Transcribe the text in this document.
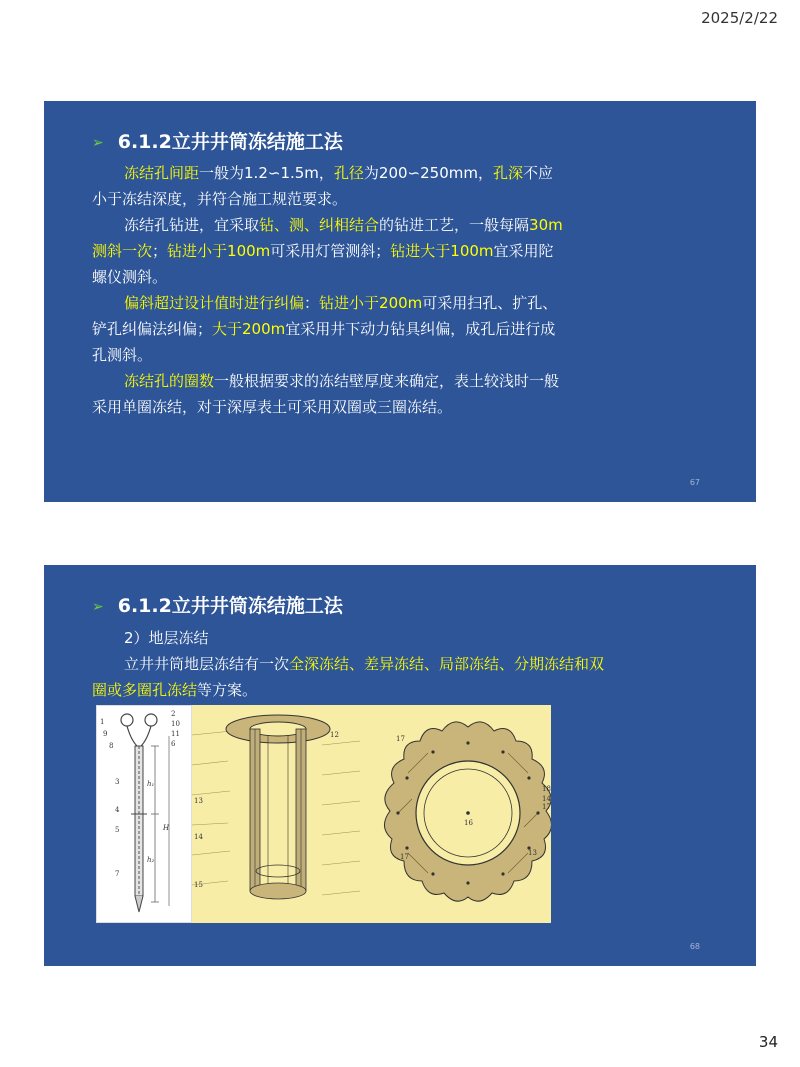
2025/2/22
➢ 6.1.2立井井筒冻结施工法

冻结孔间距一般为1.2∽1.5m，孔径为200∽250mm，孔深不应小于冻结深度，并符合施工规范要求。

冻结孔钻进，宜采取钻、测、纠相结合的钻进工艺，一般每隔30m测斜一次；钻进小于100m可采用灯管测斜；钻进大于100m宜采用陀螺仪测斜。

偏斜超过设计值时进行纠偏：钻进小于200m可采用扫孔、扩孔、铲孔纠偏法纠偏；大于200m宜采用井下动力钻具纠偏，成孔后进行成孔测斜。

冻结孔的圈数一般根据要求的冻结壁厚度来确定，表土较浅时一般采用单圈冻结，对于深厚表土可采用双圈或三圈冻结。

67
➢ 6.1.2立井井筒冻结施工法

2）地层冻结

立井井筒地层冻结有一次全深冻结、差异冻结、局部冻结、分期冻结和双圈或多圈孔冻结等方案。

1
2
10
9	11
6
8
3
4
5
7
H
h₁
h₂
12
13
14
15
17
18
16
17
13
14
17
68
34
